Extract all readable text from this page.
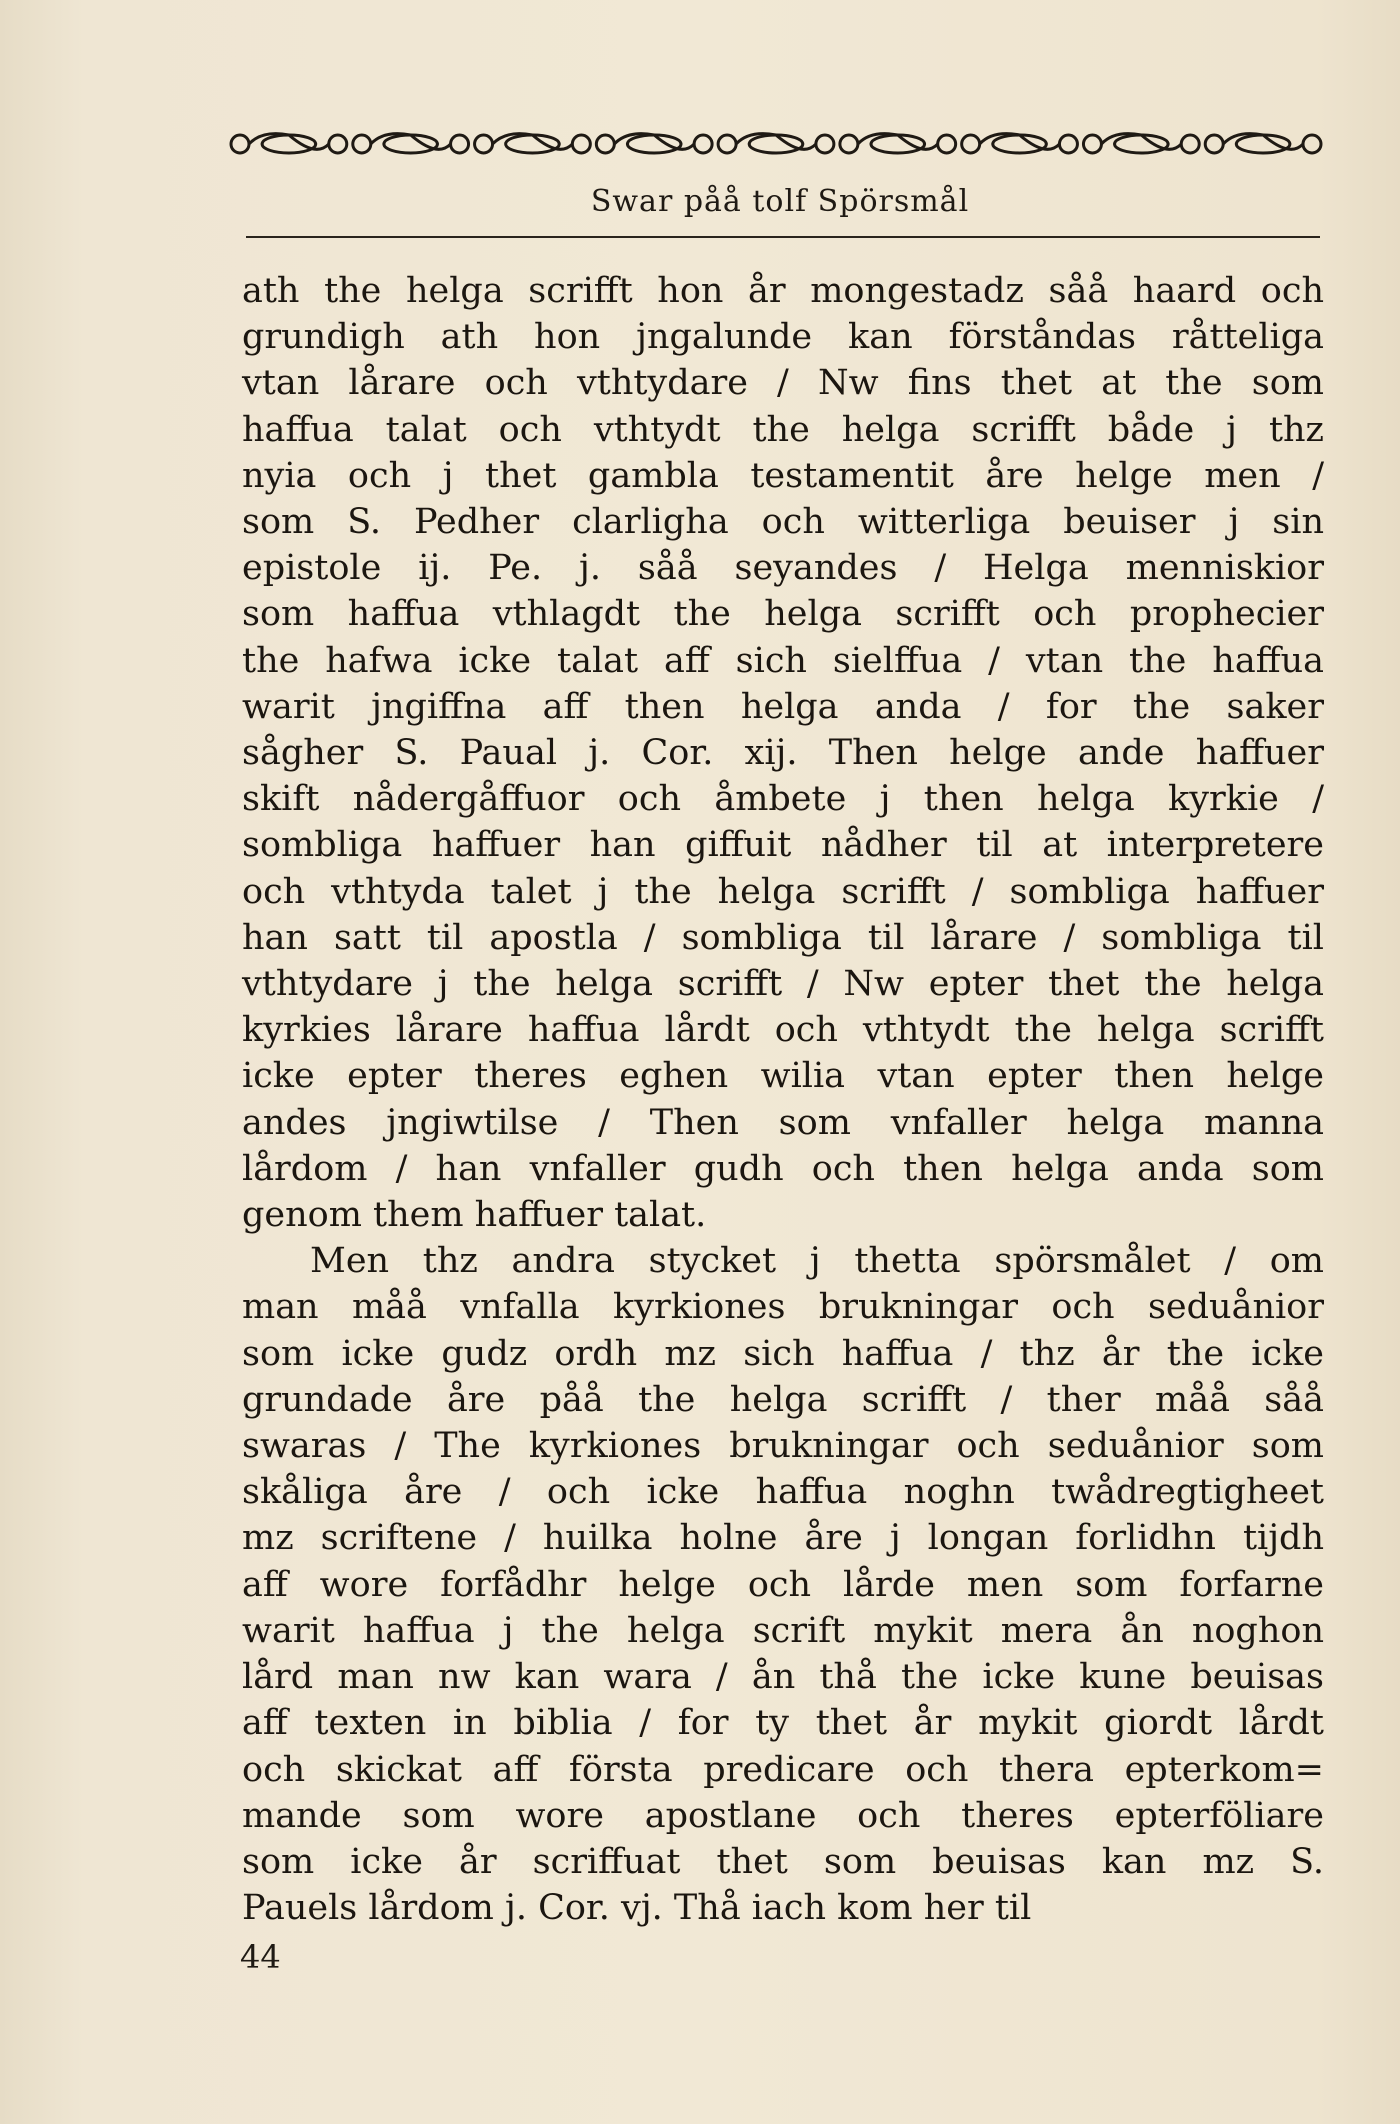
Swar påå tolf Spörsmål
ath the helga scrifft hon år mongestadz såå haard och
grundigh ath hon jngalunde kan förståndas råtteliga
vtan lårare och vthtydare / Nw fins thet at the som
haffua talat och vthtydt the helga scrifft både j thz
nyia och j thet gambla testamentit åre helge men /
som S. Pedher clarligha och witterliga beuiser j sin
epistole ij. Pe. j. såå seyandes / Helga menniskior
som haffua vthlagdt the helga scrifft och prophecier
the hafwa icke talat aff sich sielffua / vtan the haffua
warit jngiffna aff then helga anda / for the saker
sågher S. Paual j. Cor. xij. Then helge ande haffuer
skift nådergåffuor och åmbete j then helga kyrkie /
sombliga haffuer han giffuit nådher til at interpretere
och vthtyda talet j the helga scrifft / sombliga haffuer
han satt til apostla / sombliga til lårare / sombliga til
vthtydare j the helga scrifft / Nw epter thet the helga
kyrkies lårare haffua lårdt och vthtydt the helga scrifft
icke epter theres eghen wilia vtan epter then helge
andes jngiwtilse / Then som vnfaller helga manna
lårdom / han vnfaller gudh och then helga anda som
genom them haffuer talat.
Men thz andra stycket j thetta spörsmålet / om
man måå vnfalla kyrkiones brukningar och seduånior
som icke gudz ordh mz sich haffua / thz år the icke
grundade åre påå the helga scrifft / ther måå såå
swaras / The kyrkiones brukningar och seduånior som
skåliga åre / och icke haffua noghn twådregtigheet
mz scriftene / huilka holne åre j longan forlidhn tijdh
aff wore forfådhr helge och lårde men som forfarne
warit haffua j the helga scrift mykit mera ån noghon
lård man nw kan wara / ån thå the icke kune beuisas
aff texten in biblia / for ty thet år mykit giordt lårdt
och skickat aff första predicare och thera epterkom=
mande som wore apostlane och theres epterföliare
som icke år scriffuat thet som beuisas kan mz S.
Pauels lårdom j. Cor. vj. Thå iach kom her til
44
